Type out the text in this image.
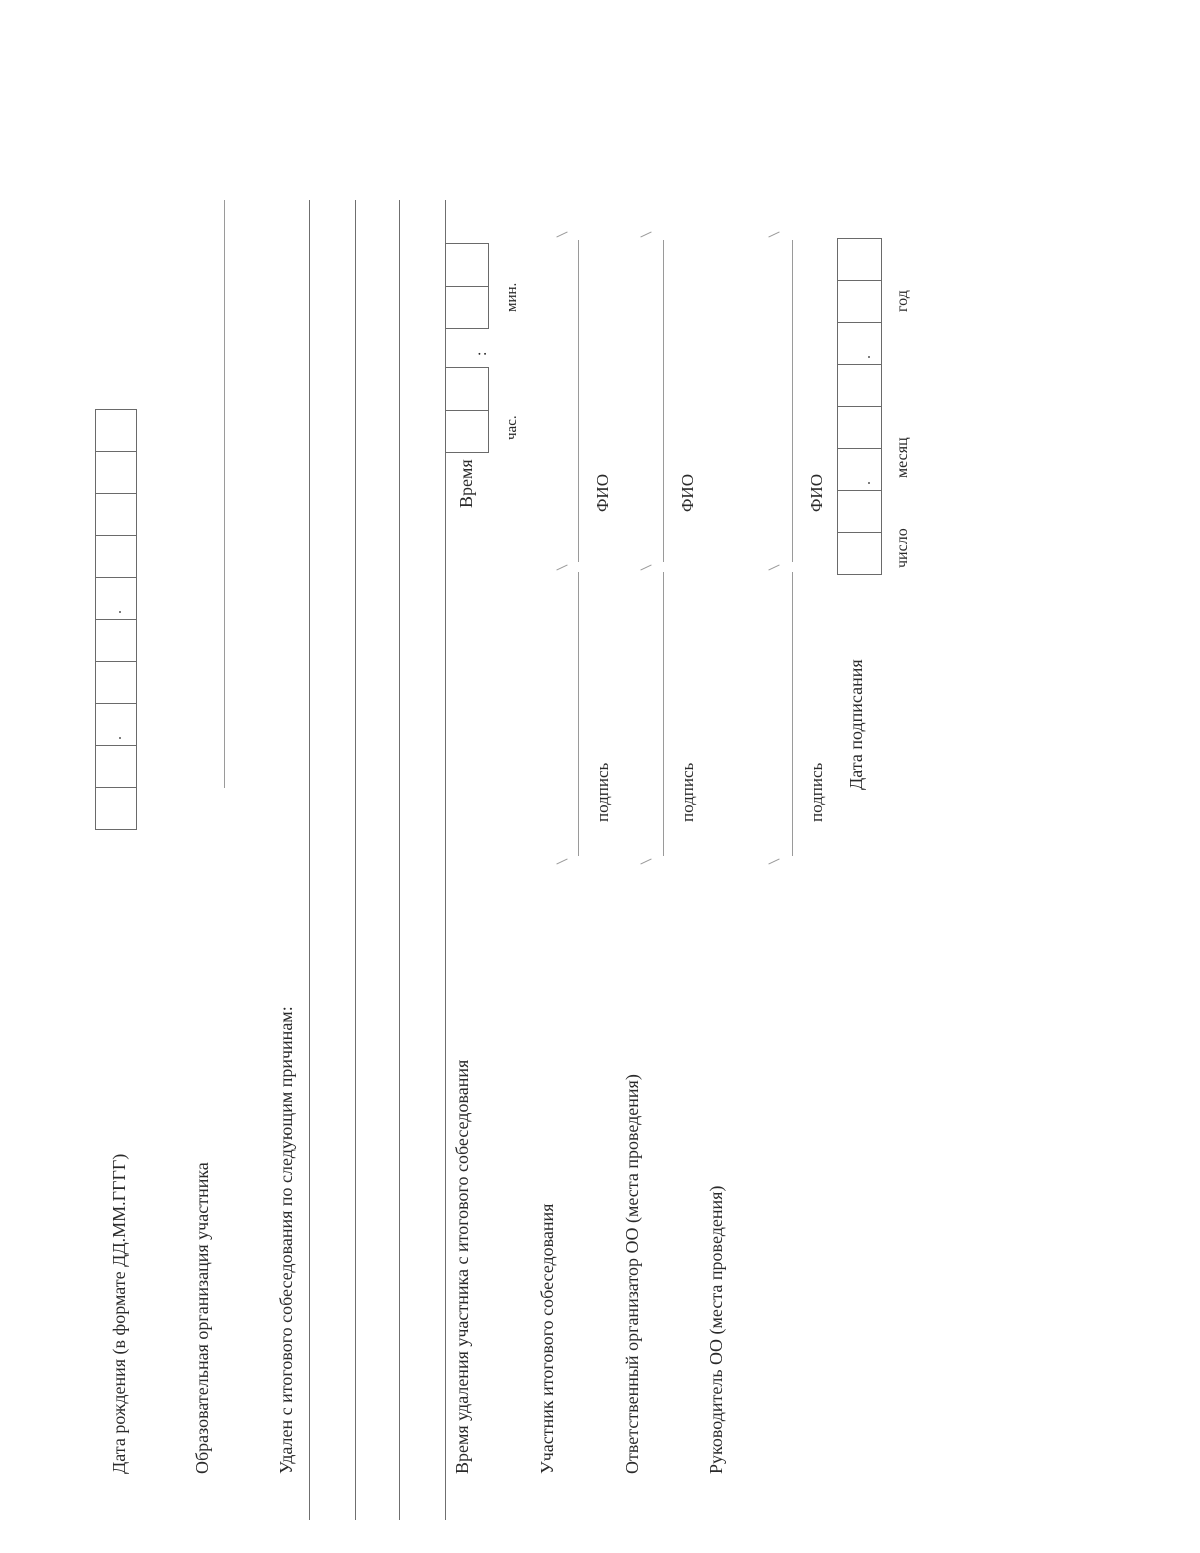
Дата рождения (в формате ДД.ММ.ГГГГ)	Образовательная организация участника	Удален с итогового собеседования по следующим причинам:	Время удаления участника с итогового собеседования	Участник итогового собеседования	Ответственный организатор ОО (места проведения)	Руководитель ОО (места проведения)
Время
:
час.
мин.
подпись
ФИО
подпись
ФИО
подпись
ФИО
Дата подписания
число
месяц
год
